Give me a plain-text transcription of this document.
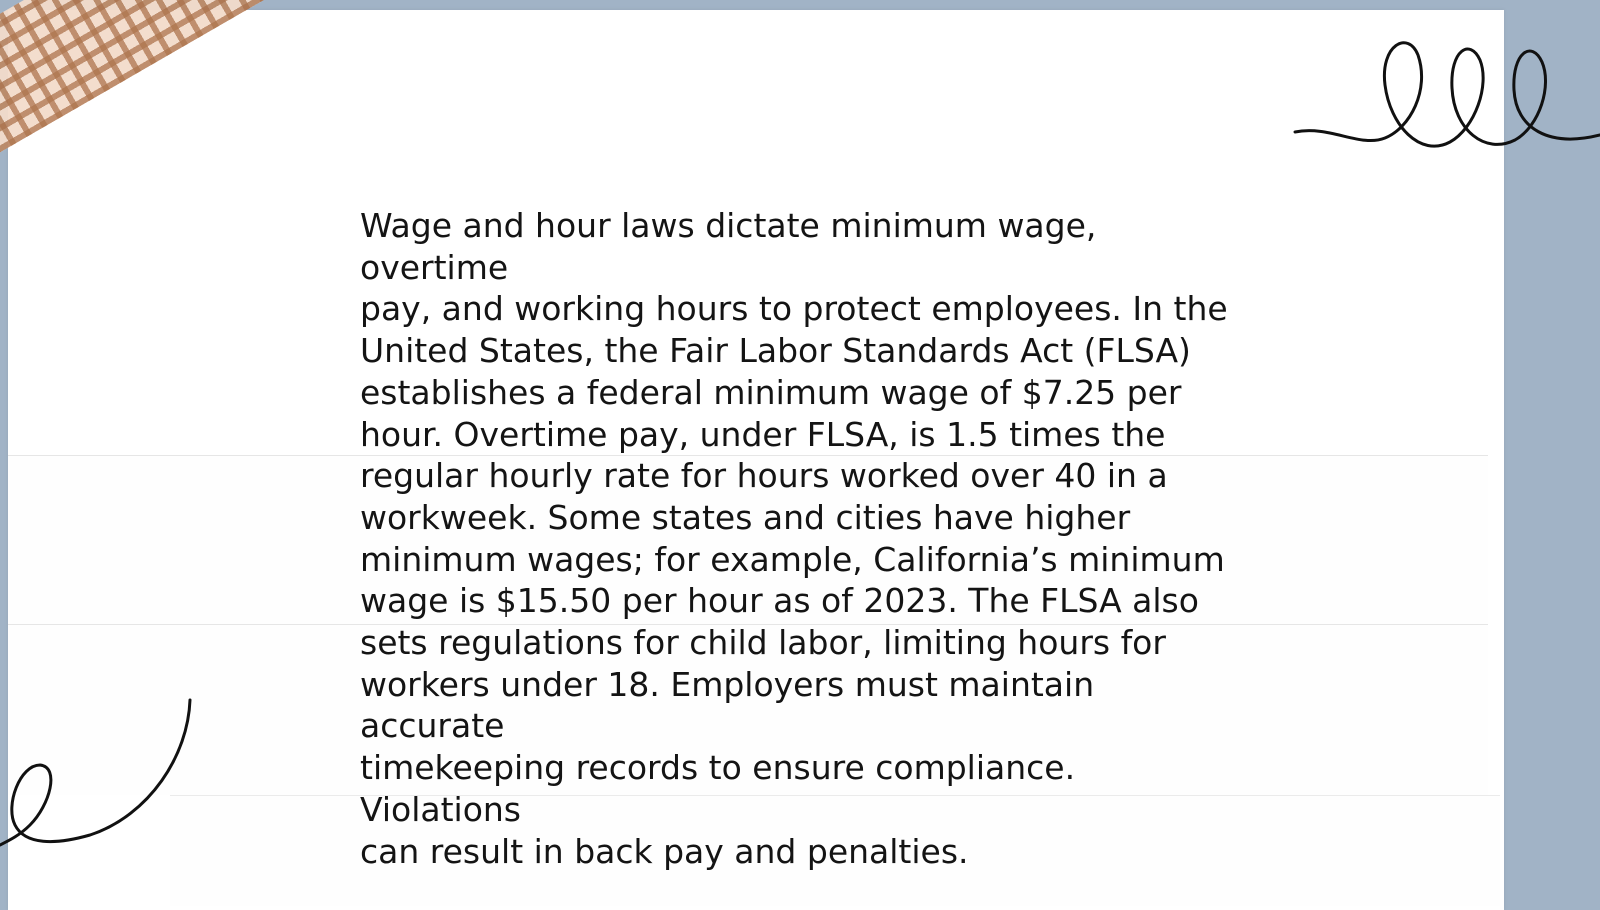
Wage and hour laws dictate minimum wage, overtime
pay, and working hours to protect employees. In the
United States, the Fair Labor Standards Act (FLSA)
establishes a federal minimum wage of $7.25 per
hour. Overtime pay, under FLSA, is 1.5 times the
regular hourly rate for hours worked over 40 in a
workweek. Some states and cities have higher
minimum wages; for example, California’s minimum
wage is $15.50 per hour as of 2023. The FLSA also
sets regulations for child labor, limiting hours for
workers under 18. Employers must maintain accurate
timekeeping records to ensure compliance. Violations
can result in back pay and penalties.
